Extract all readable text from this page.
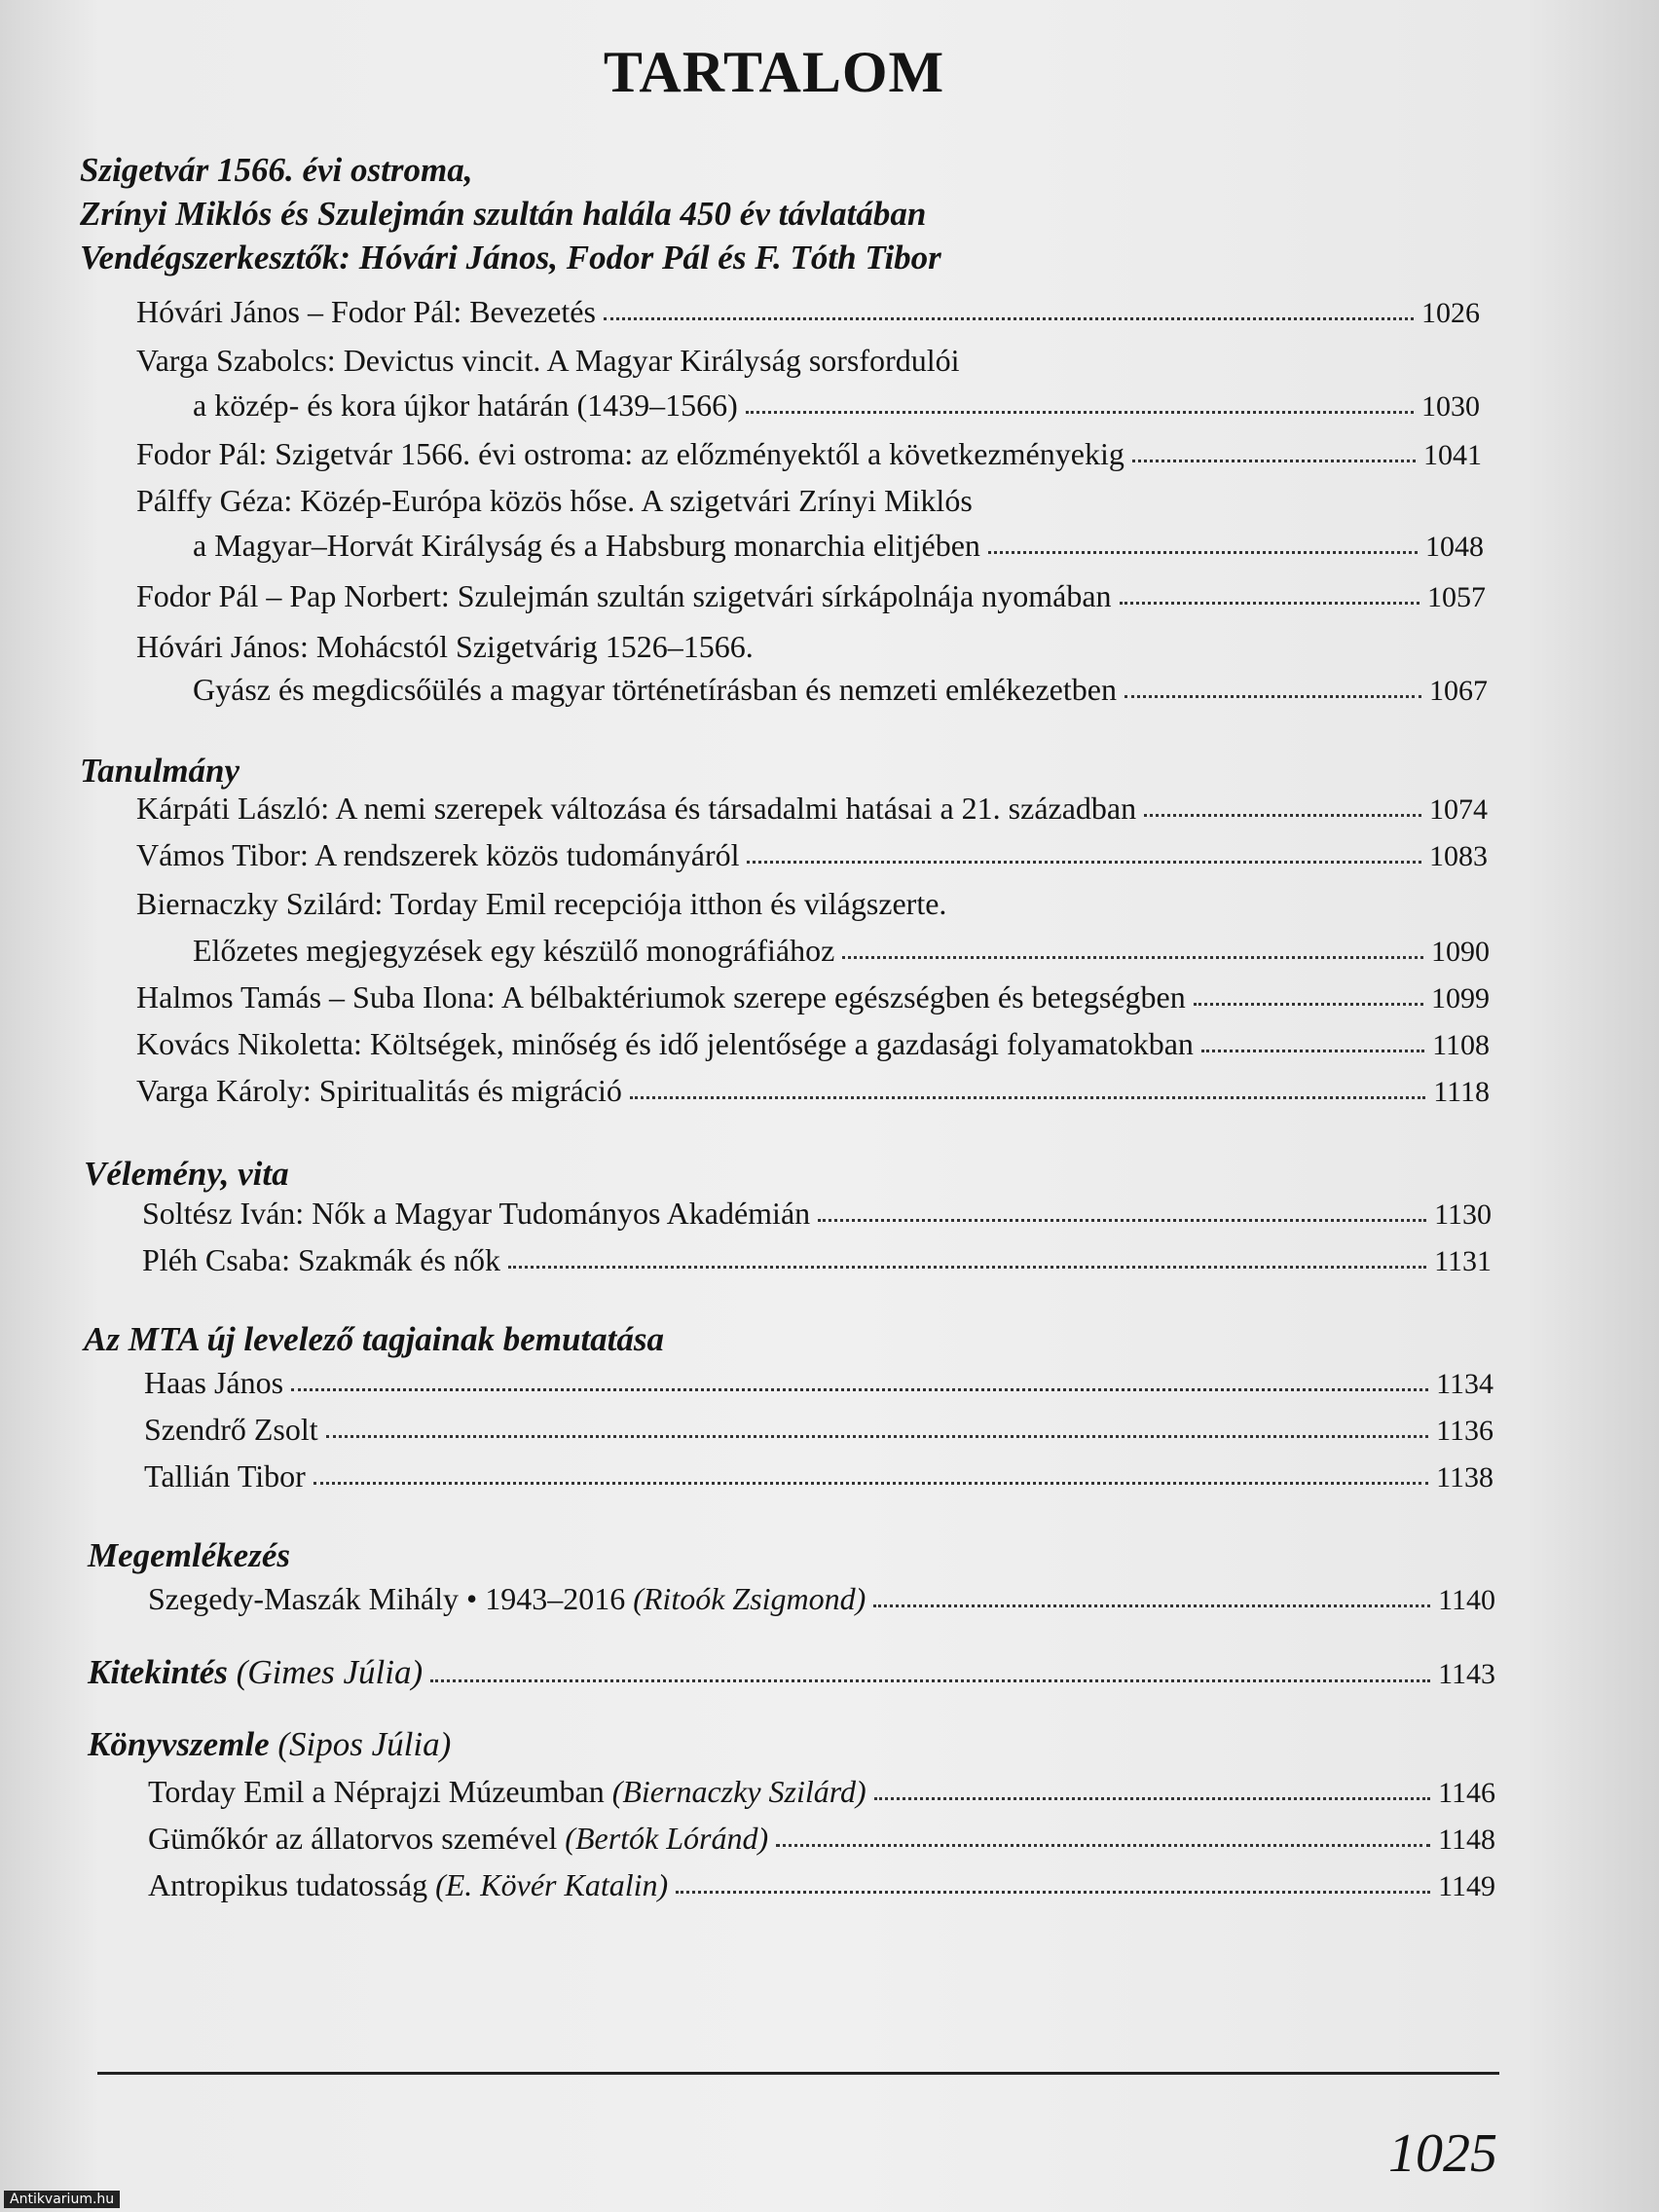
TARTALOM
Szigetvár 1566. évi ostroma,
Zrínyi Miklós és Szulejmán szultán halála 450 év távlatában
Vendégszerkesztők: Hóvári János, Fodor Pál és F. Tóth Tibor
Hóvári János – Fodor Pál: Bevezetés	1026
Varga Szabolcs: Devictus vincit. A Magyar Királyság sorsfordulói
a közép- és kora újkor határán (1439–1566)	1030
Fodor Pál: Szigetvár 1566. évi ostroma: az előzményektől a következményekig	1041
Pálffy Géza: Közép-Európa közös hőse. A szigetvári Zrínyi Miklós
a Magyar–Horvát Királyság és a Habsburg monarchia elitjében	1048
Fodor Pál – Pap Norbert: Szulejmán szultán szigetvári sírkápolnája nyomában	1057
Hóvári János: Mohácstól Szigetvárig 1526–1566.
Gyász és megdicsőülés a magyar történetírásban és nemzeti emlékezetben	1067
Tanulmány
Kárpáti László: A nemi szerepek változása és társadalmi hatásai a 21. században	1074
Vámos Tibor: A rendszerek közös tudományáról	1083
Biernaczky Szilárd: Torday Emil recepciója itthon és világszerte.
Előzetes megjegyzések egy készülő monográfiához	1090
Halmos Tamás – Suba Ilona: A bélbaktériumok szerepe egészségben és betegségben	1099
Kovács Nikoletta: Költségek, minőség és idő jelentősége a gazdasági folyamatokban	1108
Varga Károly: Spiritualitás és migráció	1118
Vélemény, vita
Soltész Iván: Nők a Magyar Tudományos Akadémián	1130
Pléh Csaba: Szakmák és nők	1131
Az MTA új levelező tagjainak bemutatása
Haas János	1134
Szendrő Zsolt	1136
Tallián Tibor	1138
Megemlékezés
Szegedy-Maszák Mihály • 1943–2016 (Ritoók Zsigmond)	1140
Kitekintés (Gimes Júlia)	1143
Könyvszemle (Sipos Júlia)
Torday Emil a Néprajzi Múzeumban (Biernaczky Szilárd)	1146
Gümőkór az állatorvos szemével (Bertók Lóránd)	1148
Antropikus tudatosság (E. Kövér Katalin)	1149
1025
Antikvarium.hu
